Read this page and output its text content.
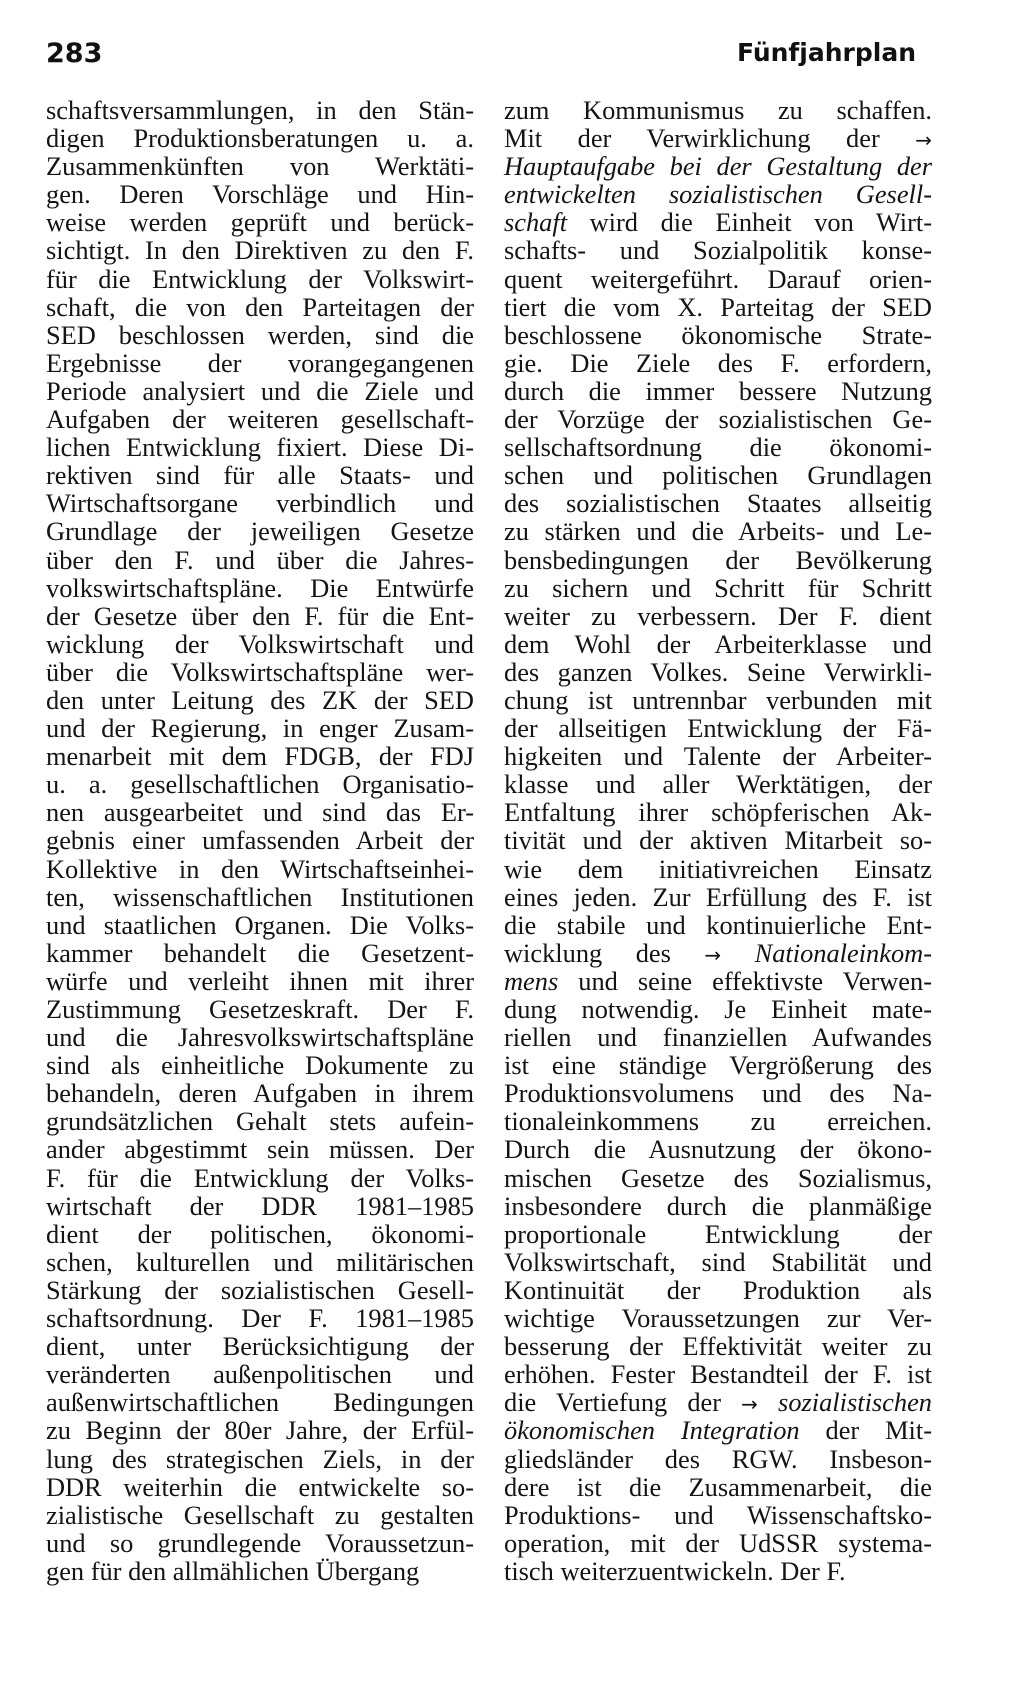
283	Fünfjahrplan
schaftsversammlungen, in den Stän-
digen Produktionsberatungen u. a.
Zusammenkünften von Werktäti-
gen. Deren Vorschläge und Hin-
weise werden geprüft und berück-
sichtigt. In den Direktiven zu den F.
für die Entwicklung der Volkswirt-
schaft, die von den Parteitagen der
SED beschlossen werden, sind die
Ergebnisse der vorangegangenen
Periode analysiert und die Ziele und
Aufgaben der weiteren gesellschaft-
lichen Entwicklung fixiert. Diese Di-
rektiven sind für alle Staats- und
Wirtschaftsorgane verbindlich und
Grundlage der jeweiligen Gesetze
über den F. und über die Jahres-
volkswirtschaftspläne. Die Entwürfe
der Gesetze über den F. für die Ent-
wicklung der Volkswirtschaft und
über die Volkswirtschaftspläne wer-
den unter Leitung des ZK der SED
und der Regierung, in enger Zusam-
menarbeit mit dem FDGB, der FDJ
u. a. gesellschaftlichen Organisatio-
nen ausgearbeitet und sind das Er-
gebnis einer umfassenden Arbeit der
Kollektive in den Wirtschaftseinhei-
ten, wissenschaftlichen Institutionen
und staatlichen Organen. Die Volks-
kammer behandelt die Gesetzent-
würfe und verleiht ihnen mit ihrer
Zustimmung Gesetzeskraft. Der F.
und die Jahresvolkswirtschaftspläne
sind als einheitliche Dokumente zu
behandeln, deren Aufgaben in ihrem
grundsätzlichen Gehalt stets aufein-
ander abgestimmt sein müssen. Der
F. für die Entwicklung der Volks-
wirtschaft der DDR 1981–1985
dient der politischen, ökonomi-
schen, kulturellen und militärischen
Stärkung der sozialistischen Gesell-
schaftsordnung. Der F. 1981–1985
dient, unter Berücksichtigung der
veränderten außenpolitischen und
außenwirtschaftlichen Bedingungen
zu Beginn der 80er Jahre, der Erfül-
lung des strategischen Ziels, in der
DDR weiterhin die entwickelte so-
zialistische Gesellschaft zu gestalten
und so grundlegende Voraussetzun-
gen für den allmählichen Übergang
zum Kommunismus zu schaffen.
Mit der Verwirklichung der →
Hauptaufgabe bei der Gestaltung der
entwickelten sozialistischen Gesell-
schaft wird die Einheit von Wirt-
schafts- und Sozialpolitik konse-
quent weitergeführt. Darauf orien-
tiert die vom X. Parteitag der SED
beschlossene ökonomische Strate-
gie. Die Ziele des F. erfordern,
durch die immer bessere Nutzung
der Vorzüge der sozialistischen Ge-
sellschaftsordnung die ökonomi-
schen und politischen Grundlagen
des sozialistischen Staates allseitig
zu stärken und die Arbeits- und Le-
bensbedingungen der Bevölkerung
zu sichern und Schritt für Schritt
weiter zu verbessern. Der F. dient
dem Wohl der Arbeiterklasse und
des ganzen Volkes. Seine Verwirkli-
chung ist untrennbar verbunden mit
der allseitigen Entwicklung der Fä-
higkeiten und Talente der Arbeiter-
klasse und aller Werktätigen, der
Entfaltung ihrer schöpferischen Ak-
tivität und der aktiven Mitarbeit so-
wie dem initiativreichen Einsatz
eines jeden. Zur Erfüllung des F. ist
die stabile und kontinuierliche Ent-
wicklung des → Nationaleinkom-
mens und seine effektivste Verwen-
dung notwendig. Je Einheit mate-
riellen und finanziellen Aufwandes
ist eine ständige Vergrößerung des
Produktionsvolumens und des Na-
tionaleinkommens zu erreichen.
Durch die Ausnutzung der ökono-
mischen Gesetze des Sozialismus,
insbesondere durch die planmäßige
proportionale Entwicklung der
Volkswirtschaft, sind Stabilität und
Kontinuität der Produktion als
wichtige Voraussetzungen zur Ver-
besserung der Effektivität weiter zu
erhöhen. Fester Bestandteil der F. ist
die Vertiefung der → sozialistischen
ökonomischen Integration der Mit-
gliedsländer des RGW. Insbeson-
dere ist die Zusammenarbeit, die
Produktions- und Wissenschaftsko-
operation, mit der UdSSR systema-
tisch weiterzuentwickeln. Der F.
